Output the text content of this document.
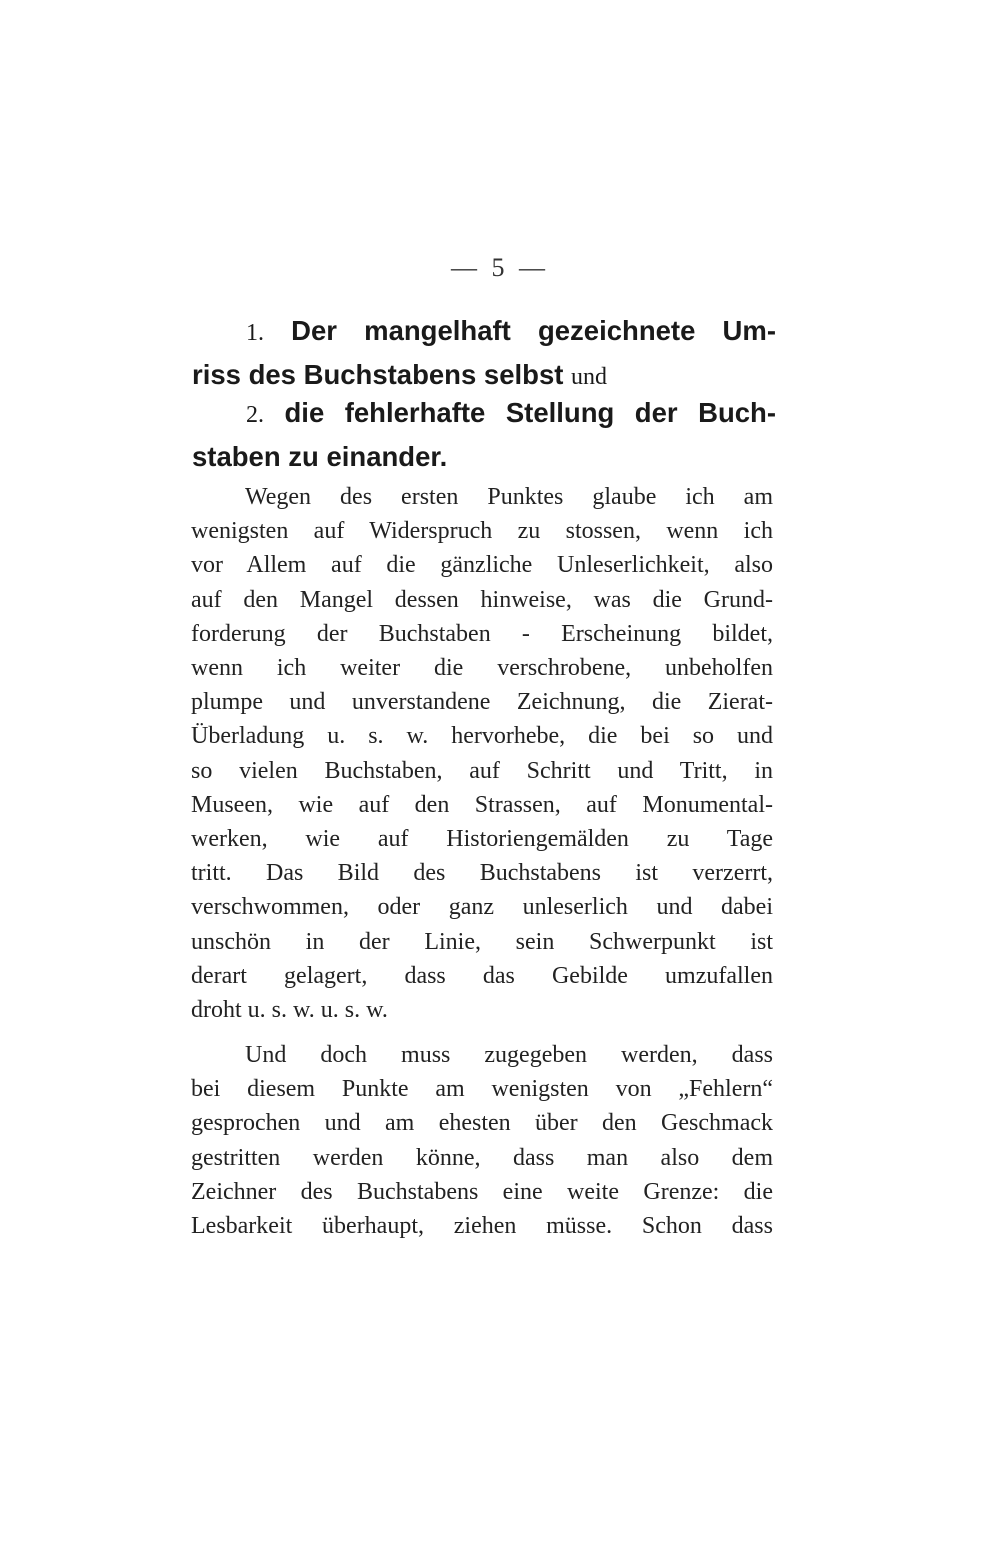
— 5 —
1. Der mangelhaft gezeichnete Um-
riss des Buchstabens selbst und
2. die fehlerhafte Stellung der Buch-
staben zu einander.
Wegen des ersten Punktes glaube ich am
wenigsten auf Widerspruch zu stossen, wenn ich
vor Allem auf die gänzliche Unleserlichkeit, also
auf den Mangel dessen hinweise, was die Grund-
forderung der Buchstaben - Erscheinung bildet,
wenn ich weiter die verschrobene, unbeholfen
plumpe und unverstandene Zeichnung, die Zierat-
Überladung u. s. w. hervorhebe, die bei so und
so vielen Buchstaben, auf Schritt und Tritt, in
Museen, wie auf den Strassen, auf Monumental-
werken, wie auf Historiengemälden zu Tage
tritt. Das Bild des Buchstabens ist verzerrt,
verschwommen, oder ganz unleserlich und dabei
unschön in der Linie, sein Schwerpunkt ist
derart gelagert, dass das Gebilde umzufallen
droht u. s. w. u. s. w.
Und doch muss zugegeben werden, dass
bei diesem Punkte am wenigsten von „Fehlern“
gesprochen und am ehesten über den Geschmack
gestritten werden könne, dass man also dem
Zeichner des Buchstabens eine weite Grenze: die
Lesbarkeit überhaupt, ziehen müsse. Schon dass
